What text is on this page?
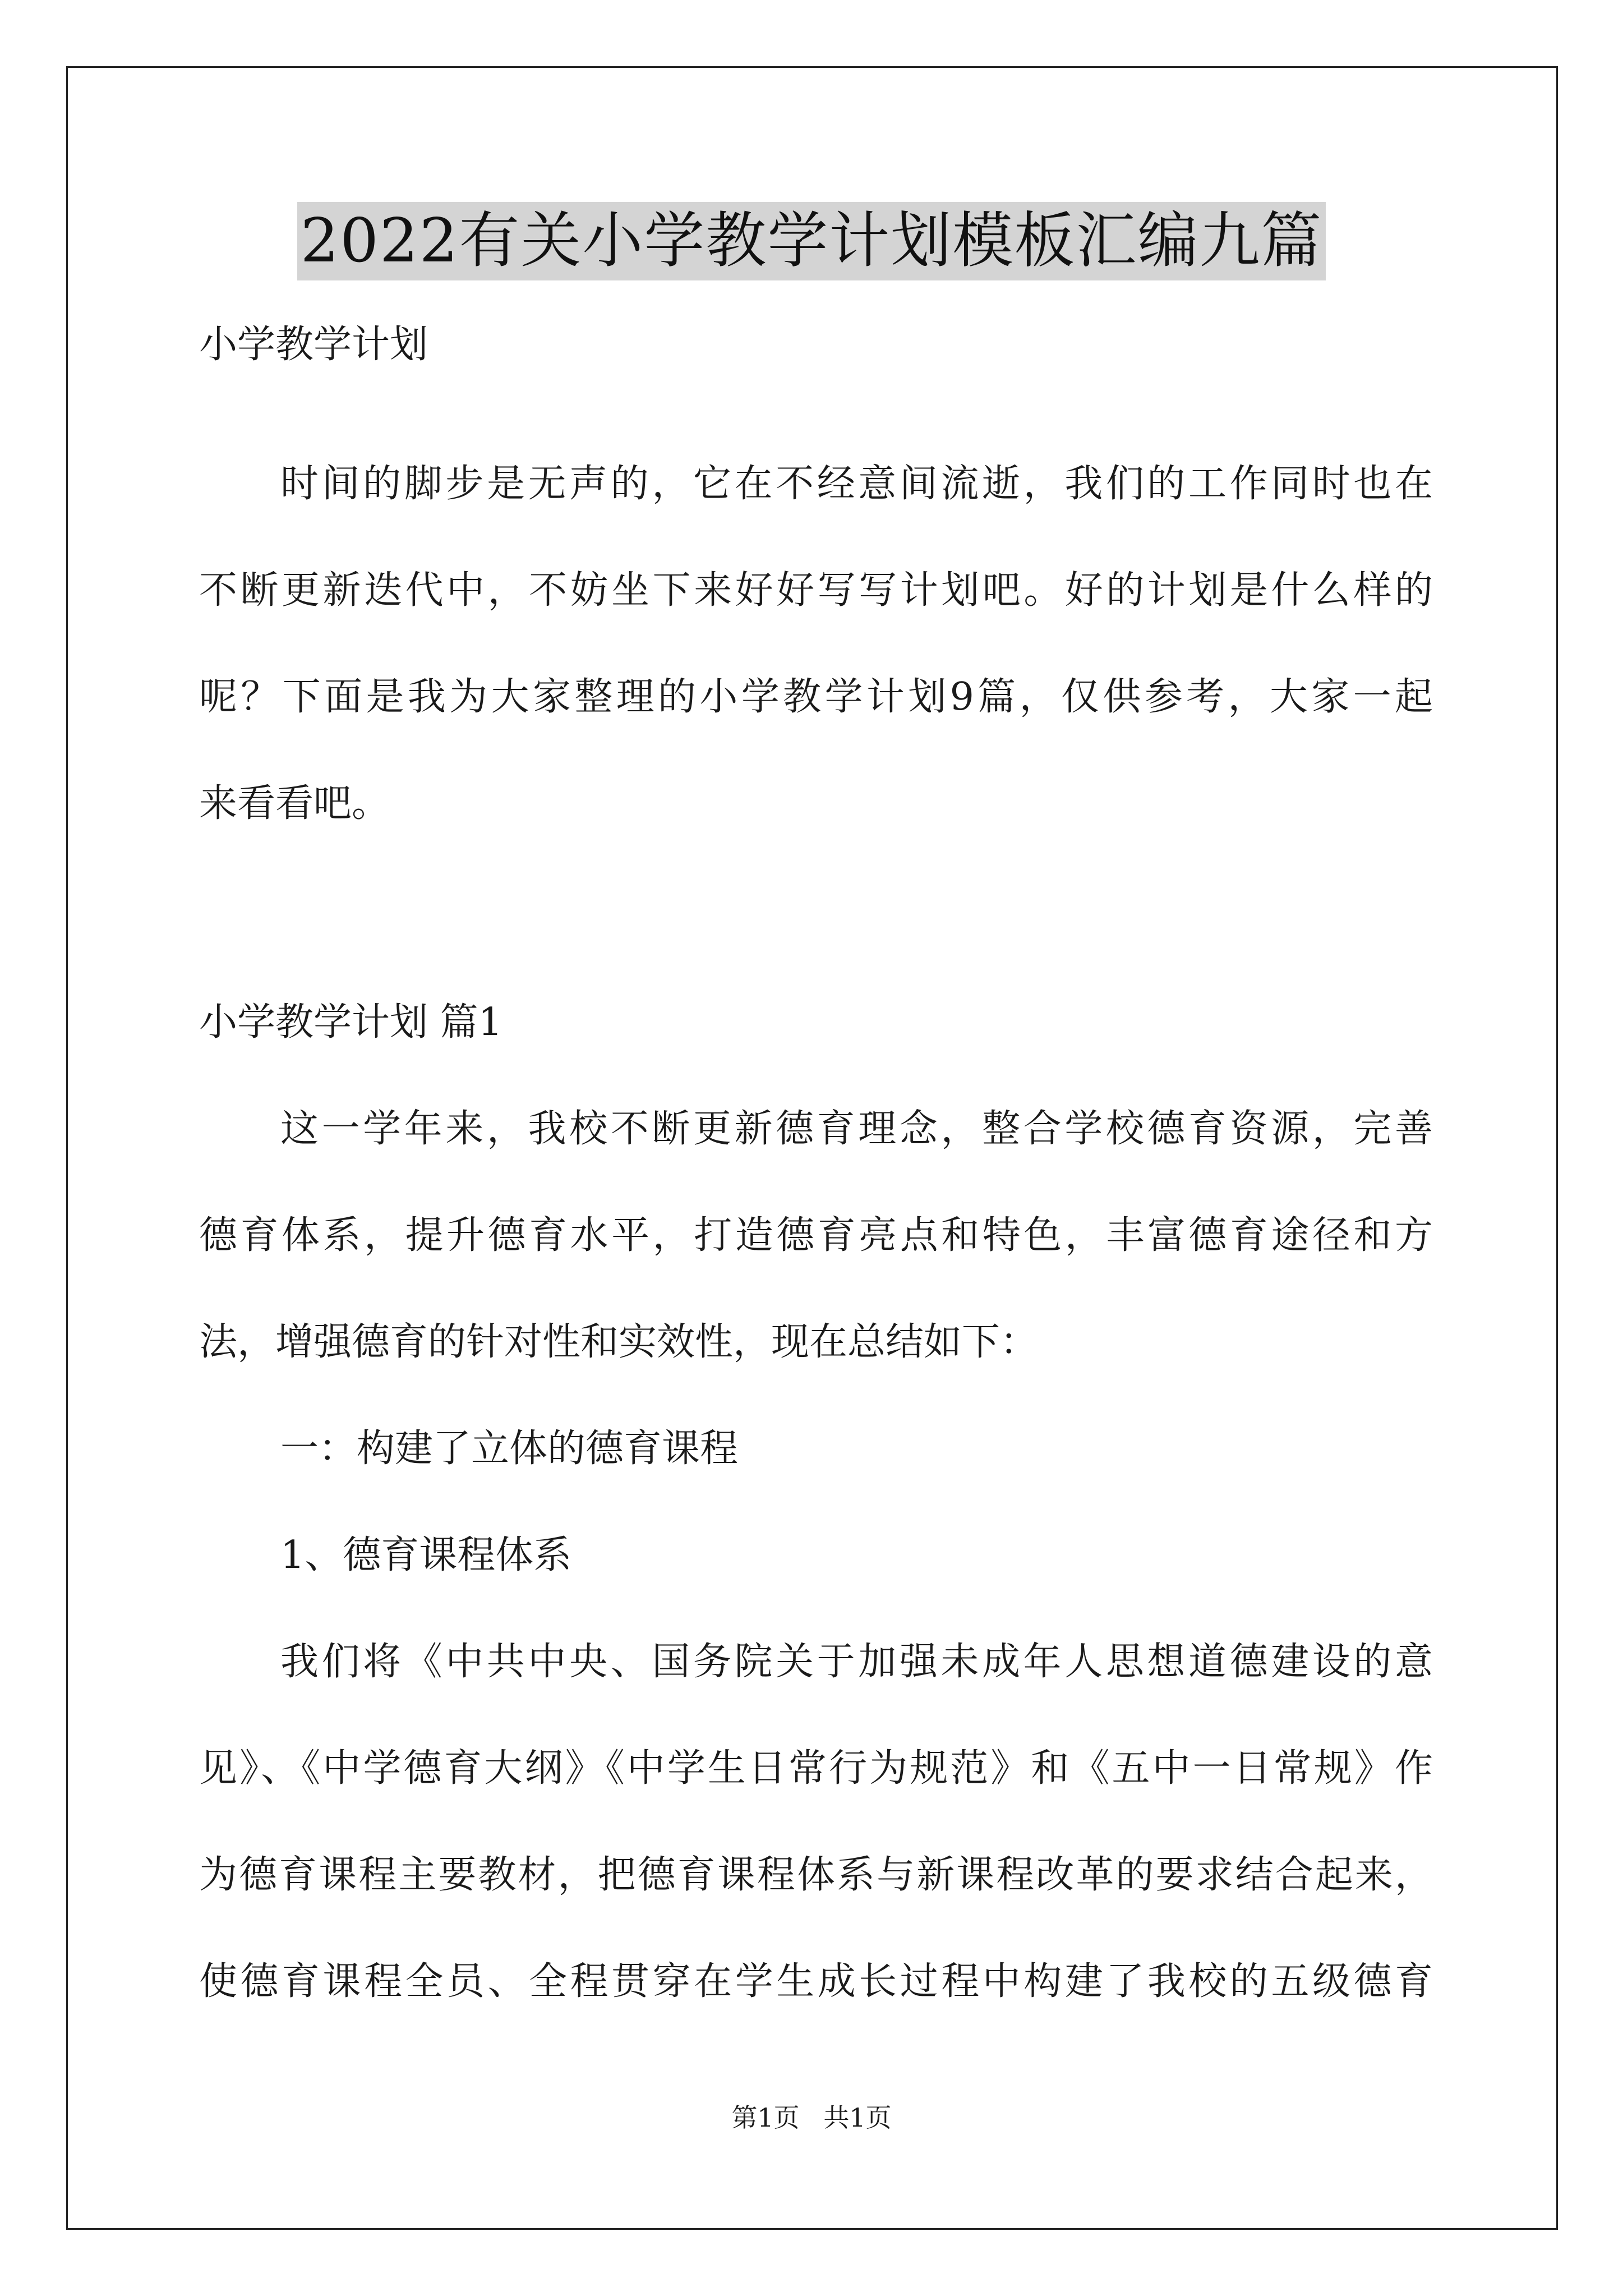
2022有关小学教学计划模板汇编九篇
小学教学计划
时间的脚步是无声的，它在不经意间流逝，我们的工作同时也在
不断更新迭代中，不妨坐下来好好写写计划吧。好的计划是什么样的
呢？下面是我为大家整理的小学教学计划9篇，仅供参考，大家一起
来看看吧。
小学教学计划 篇1
这一学年来，我校不断更新德育理念，整合学校德育资源，完善
德育体系，提升德育水平，打造德育亮点和特色，丰富德育途径和方
法，增强德育的针对性和实效性，现在总结如下：
一：构建了立体的德育课程
1、德育课程体系
我们将《中共中央、国务院关于加强未成年人思想道德建设的意
见》、《中学德育大纲》《中学生日常行为规范》和《五中一日常规》作
为德育课程主要教材，把德育课程体系与新课程改革的要求结合起来，
使德育课程全员、全程贯穿在学生成长过程中构建了我校的五级德育
第1页 共1页
